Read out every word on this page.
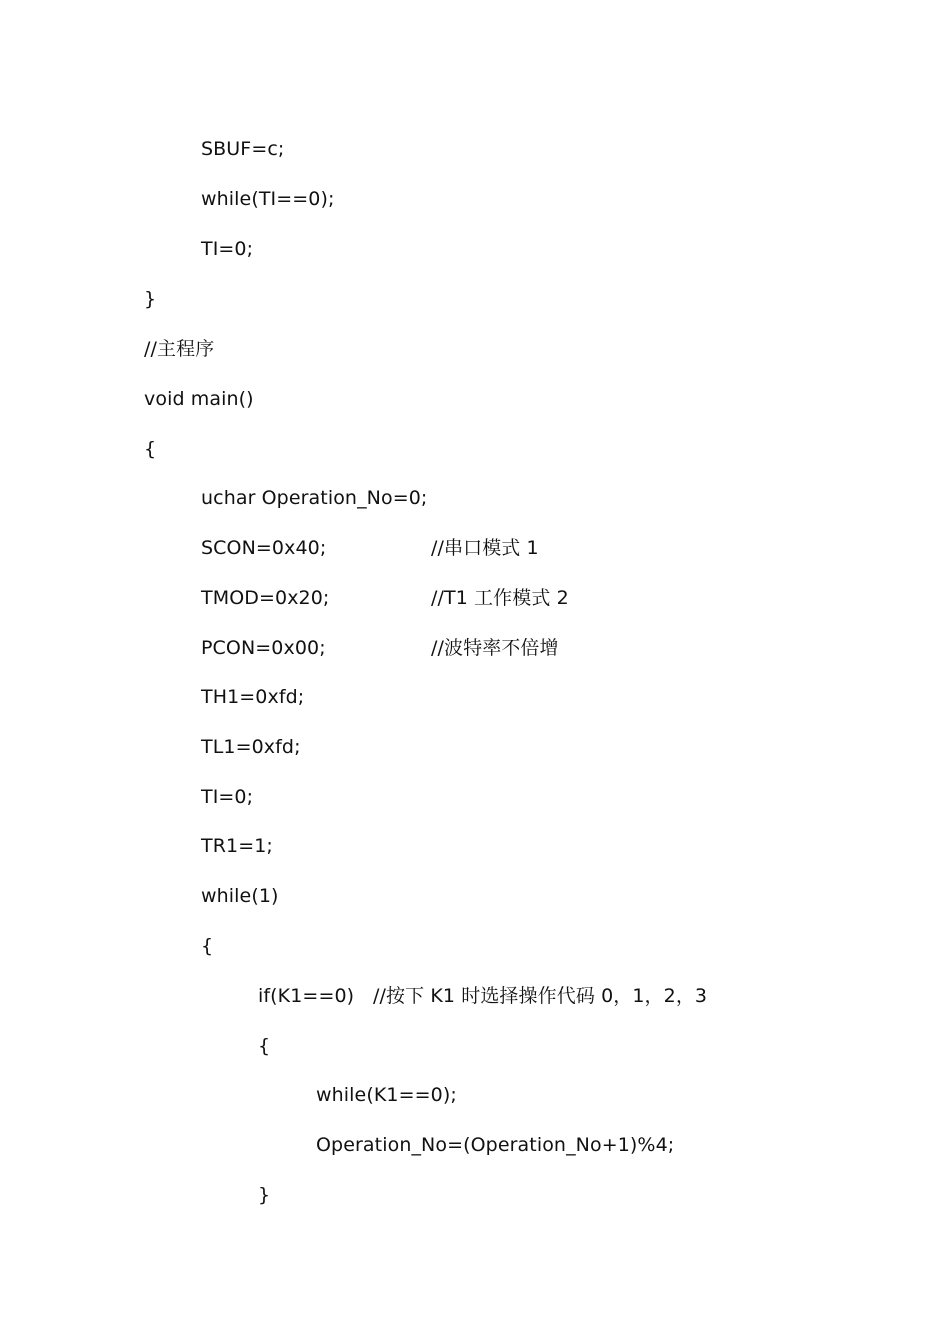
SBUF=c;

while(TI==0);

TI=0;

}

//主程序

void main()

{

uchar Operation_No=0;

SCON=0x40;

	//串口模式 1

TMOD=0x20;

	//T1 工作模式 2

PCON=0x00;

	//波特率不倍增

TH1=0xfd;

TL1=0xfd;

TI=0;

TR1=1;

while(1)

{

if(K1==0)

//按下 K1 时选择操作代码 0，1，2，3

{

while(K1==0);

Operation_No=(Operation_No+1)%4;

}
